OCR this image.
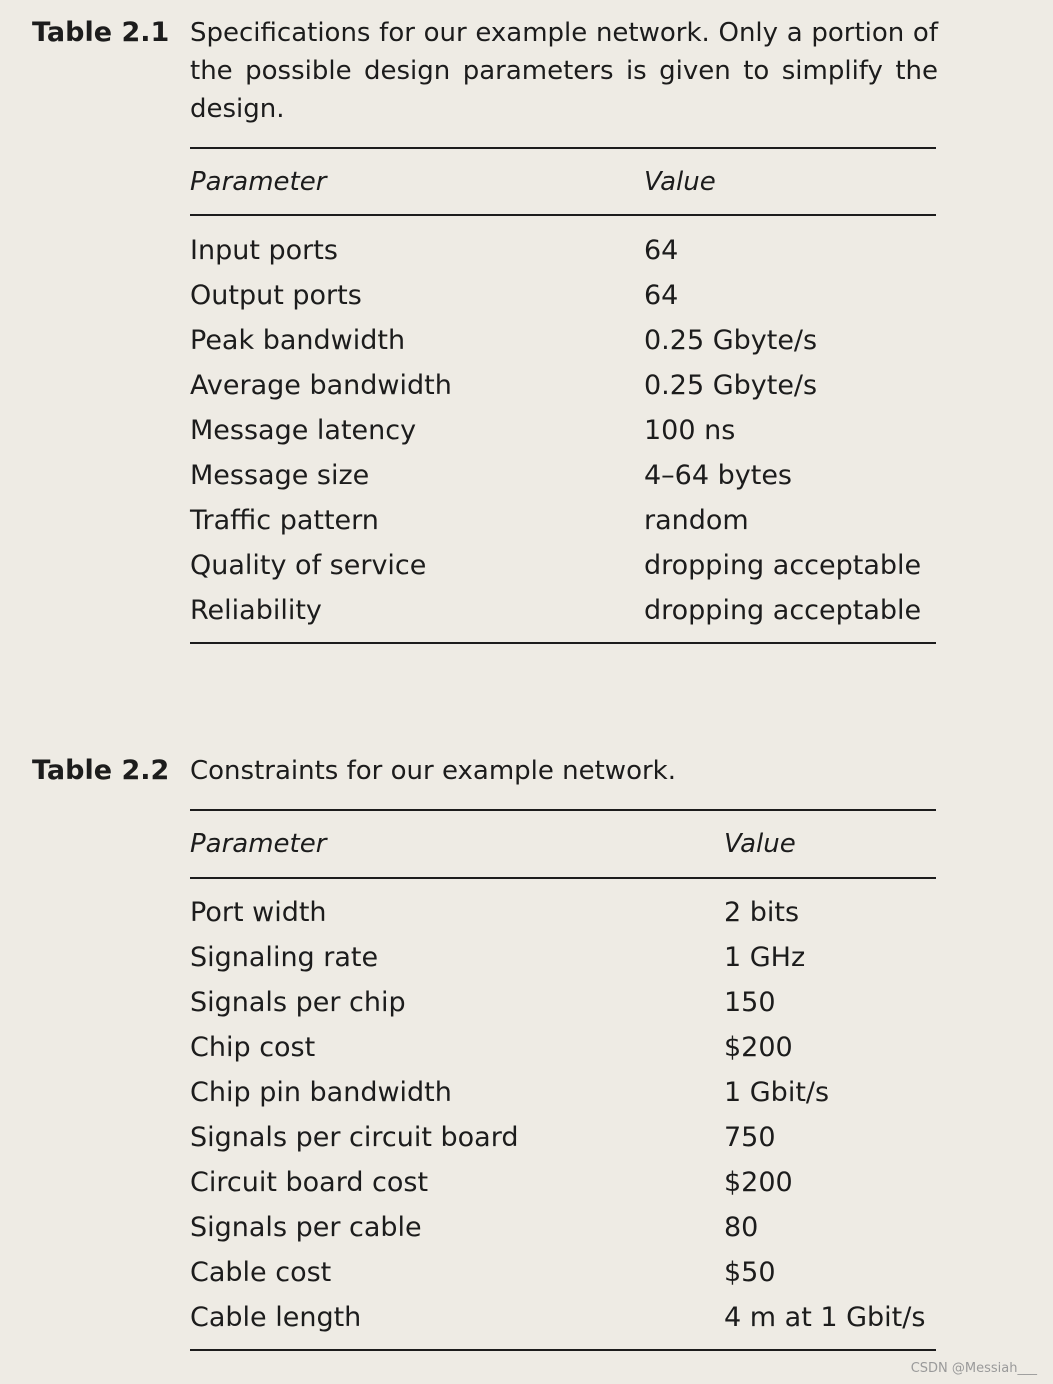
Table 2.1 Specifications for our example network. Only a portion of the possible design parameters is given to simplify the design.
Parameter	Value
Input ports	64
Output ports	64
Peak bandwidth	0.25 Gbyte/s
Average bandwidth	0.25 Gbyte/s
Message latency	100 ns
Message size	4–64 bytes
Traffic pattern	random
Quality of service	dropping acceptable
Reliability	dropping acceptable
Table 2.2 Constraints for our example network.
Parameter	Value
Port width	2 bits
Signaling rate	1 GHz
Signals per chip	150
Chip cost	$200
Chip pin bandwidth	1 Gbit/s
Signals per circuit board	750
Circuit board cost	$200
Signals per cable	80
Cable cost	$50
Cable length	4 m at 1 Gbit/s
CSDN @Messiah___
